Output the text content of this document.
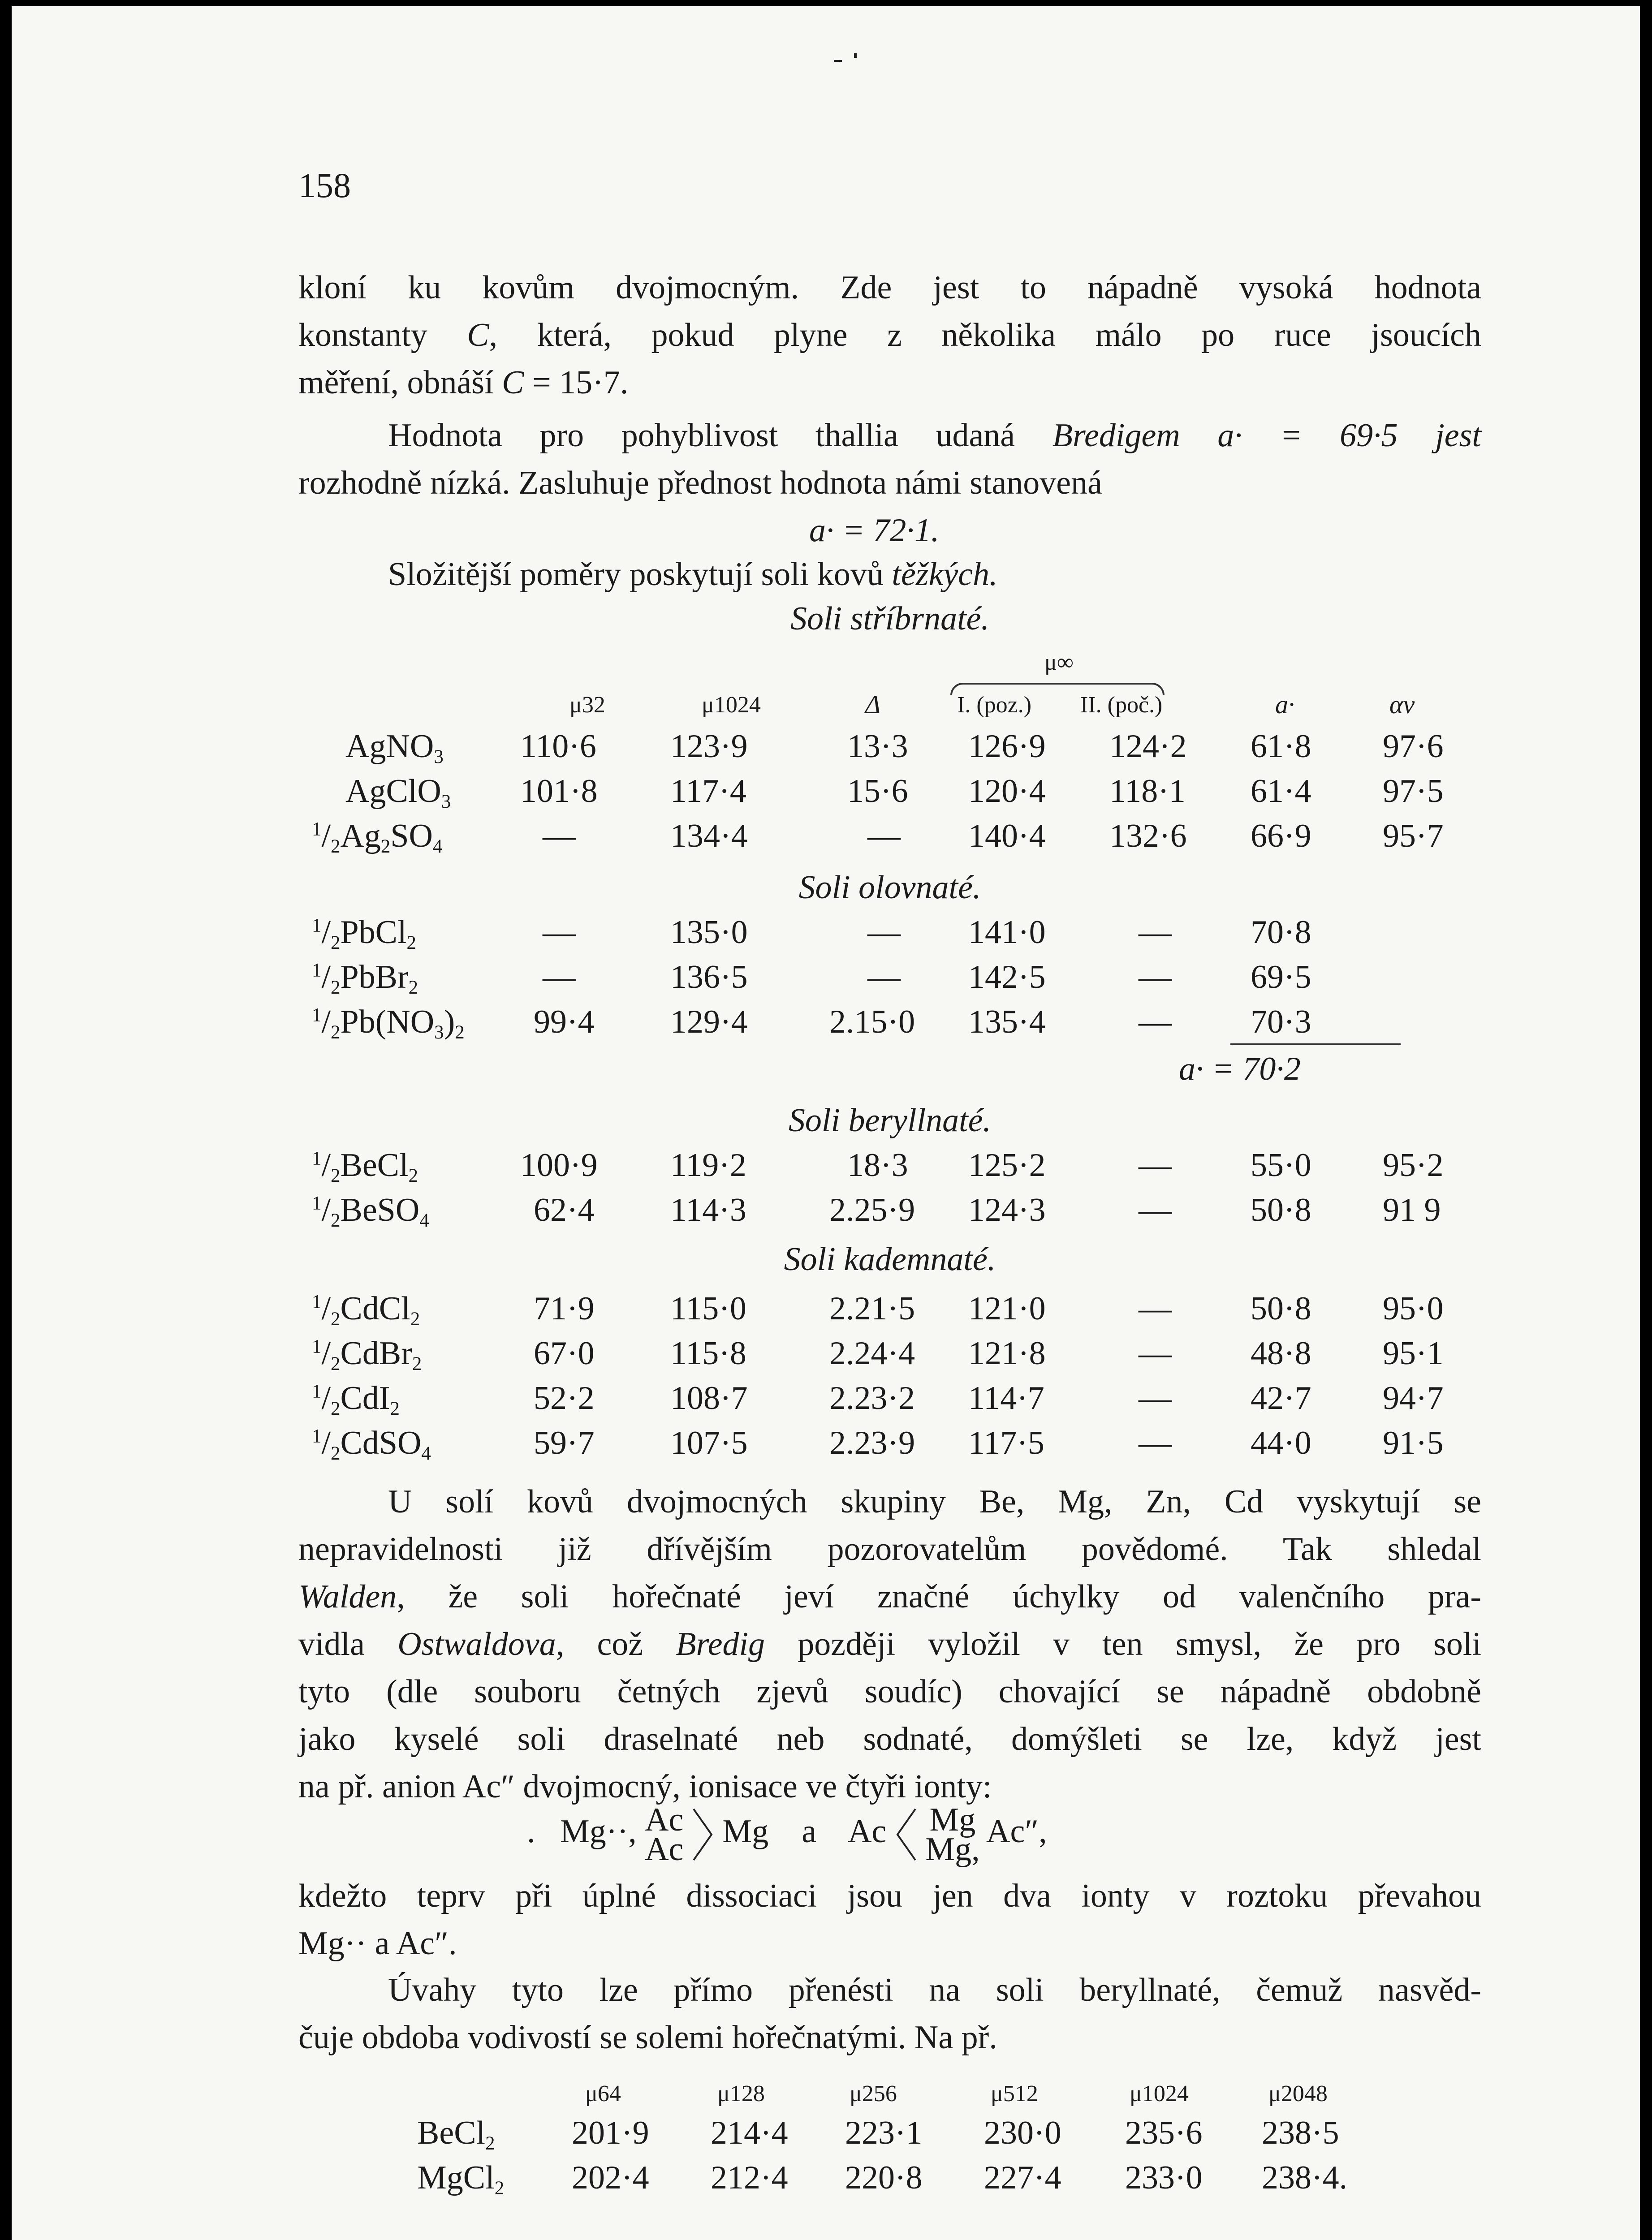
158
kloní ku kovům dvojmocným. Zde jest to nápadně vysoká hodnota
konstanty C, která, pokud plyne z několika málo po ruce jsoucích
měření, obnáší C = 15·7.
Hodnota pro pohyblivost thallia udaná Bredigem a· = 69·5 jest
rozhodně nízká. Zasluhuje přednost hodnota námi stanovená
a· = 72·1.
Složitější poměry poskytují soli kovů těžkých.
Soli stříbrnaté.
μ∞
μ32	μ1024	Δ	I. (poz.) II. (poč.)	a·	αv
AgNO$_3$ 110·6 123·9	13·3 126·9 124·2 61·8 97·6
AgClO$_3$ 101·8 117·4	15·6 120·4 118·1 61·4 97·5
$^1/_2Ag_2SO_4$	—	134·4	— 140·4 132·6 66·9 95·7
Soli olovnaté.
$^1/_2PbCl_2$	—	135·0	— 141·0	— 70·8
$^1/_2PbBr_2$	—	136·5	— 142·5	— 69·5
$^1/_2Pb(NO_3)_2$ 99·4 129·4 2.15·0 135·4	— 70·3
a· = 70·2
Soli beryllnaté.
$^1/_2BeCl_2$	100·9 119·2	18·3 125·2	— 55·0 95·2
$^1/_2BeSO_4$	62·4 114·3	2.25·9 124·3	— 50·8 91 9
Soli kademnaté.
$^1/_2CdCl_2$	71·9 115·0	2.21·5 121·0	— 50·8 95·0
$^1/_2CdBr_2$	67·0 115·8	2.24·4 121·8	— 48·8 95·1
$^1/_2CdI_2$	52·2 108·7 2.23·2 114·7	— 42·7 94·7
$^1/_2CdSO_4$	59·7 107·5 2.23·9 117·5	— 44·0 91·5
U solí kovů dvojmocných skupiny Be, Mg, Zn, Cd vyskytují se
nepravidelnosti již dřívějším pozorovatelům povědomé. Tak shledal
Walden, že soli hořečnaté jeví značné úchylky od valenčního pra-
vidla Ostwaldova, což Bredig později vyložil v ten smysl, že pro soli
tyto (dle souboru četných zjevů soudíc) chovající se nápadně obdobně
jako kyselé soli draselnaté neb sodnaté, domýšleti se lze, když jest
na př. anion Ac″ dvojmocný, ionisace ve čtyři ionty:
. Mg··, Ac
Ac Mg a Ac Mg
Mg, Ac″,
kdežto teprv při úplné dissociaci jsou jen dva ionty v roztoku převahou
Mg·· a Ac″.
Úvahy tyto lze přímo přenésti na soli beryllnaté, čemuž nasvěd-
čuje obdoba vodivostí se solemi hořečnatými. Na př.
μ64	μ128	μ256	μ512	μ1024	μ2048
BeCl$_2$ 201·9 214·4 223·1 230·0 235·6 238·5
MgCl$_2$ 202·4 212·4 220·8 227·4 233·0 238·4.
